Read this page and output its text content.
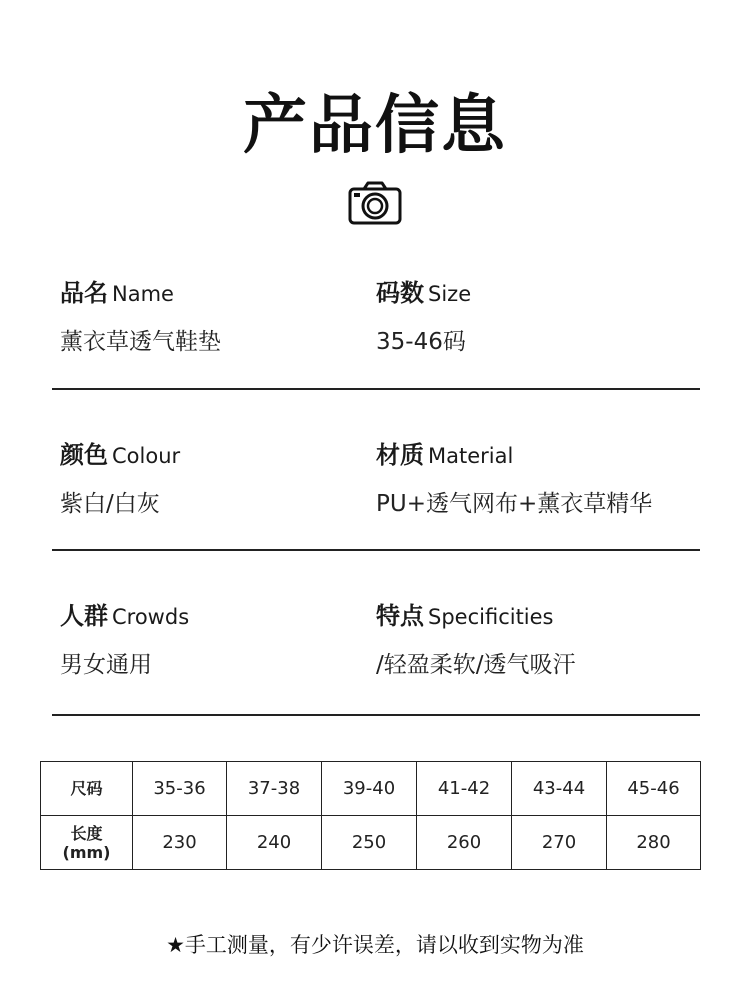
产品信息
品名 Name
薰衣草透气鞋垫
码数 Size
35-46码
颜色 Colour
紫白/白灰
材质 Material
PU+透气网布+薰衣草精华
人群 Crowds
男女通用
特点 Specificities
/轻盈柔软/透气吸汗
尺码	35-36	37-38	39-40	41-42	43-44	45-46

长度
(mm)	230	240	250	260	270	280
★手工测量，有少许误差，请以收到实物为准
